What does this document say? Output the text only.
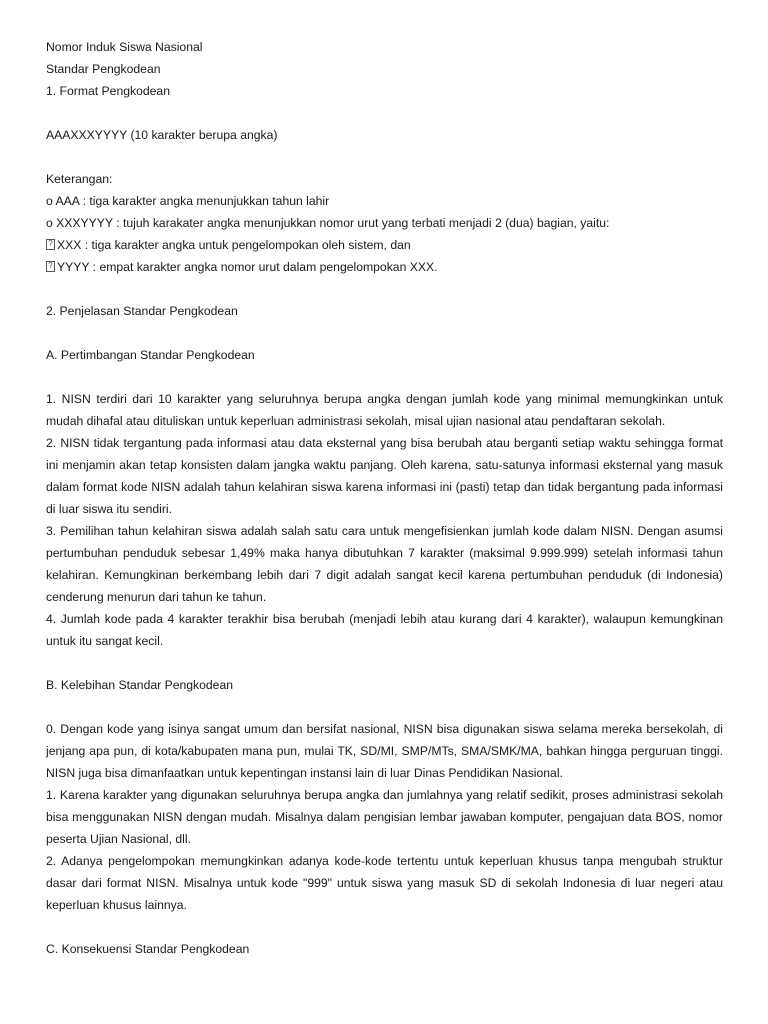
Nomor Induk Siswa Nasional
Standar Pengkodean
1. Format Pengkodean
AAAXXXYYYY (10 karakter berupa angka)
Keterangan:
o AAA : tiga karakter angka menunjukkan tahun lahir
o XXXYYYY : tujuh karakater angka menunjukkan nomor urut yang terbati menjadi 2 (dua) bagian, yaitu:
?XXX : tiga karakter angka untuk pengelompokan oleh sistem, dan
?YYYY : empat karakter angka nomor urut dalam pengelompokan XXX.
2. Penjelasan Standar Pengkodean
A. Pertimbangan Standar Pengkodean

1. NISN terdiri dari 10 karakter yang seluruhnya berupa angka dengan jumlah kode yang minimal memungkinkan untuk mudah dihafal atau dituliskan untuk keperluan administrasi sekolah, misal ujian nasional atau pendaftaran sekolah.

2. NISN tidak tergantung pada informasi atau data eksternal yang bisa berubah atau berganti setiap waktu sehingga format ini menjamin akan tetap konsisten dalam jangka waktu panjang. Oleh karena, satu-satunya informasi eksternal yang masuk dalam format kode NISN adalah tahun kelahiran siswa karena informasi ini (pasti) tetap dan tidak bergantung pada informasi di luar siswa itu sendiri.

3. Pemilihan tahun kelahiran siswa adalah salah satu cara untuk mengefisienkan jumlah kode dalam NISN. Dengan asumsi pertumbuhan penduduk sebesar 1,49% maka hanya dibutuhkan 7 karakter (maksimal 9.999.999) setelah informasi tahun kelahiran. Kemungkinan berkembang lebih dari 7 digit adalah sangat kecil karena pertumbuhan penduduk (di Indonesia) cenderung menurun dari tahun ke tahun.

4. Jumlah kode pada 4 karakter terakhir bisa berubah (menjadi lebih atau kurang dari 4 karakter), walaupun kemungkinan untuk itu sangat kecil.

B. Kelebihan Standar Pengkodean

0. Dengan kode yang isinya sangat umum dan bersifat nasional, NISN bisa digunakan siswa selama mereka bersekolah, di jenjang apa pun, di kota/kabupaten mana pun, mulai TK, SD/MI, SMP/MTs, SMA/SMK/MA, bahkan hingga perguruan tinggi. NISN juga bisa dimanfaatkan untuk kepentingan instansi lain di luar Dinas Pendidikan Nasional.

1. Karena karakter yang digunakan seluruhnya berupa angka dan jumlahnya yang relatif sedikit, proses administrasi sekolah bisa menggunakan NISN dengan mudah. Misalnya dalam pengisian lembar jawaban komputer, pengajuan data BOS, nomor peserta Ujian Nasional, dll.

2. Adanya pengelompokan memungkinkan adanya kode-kode tertentu untuk keperluan khusus tanpa mengubah struktur dasar dari format NISN. Misalnya untuk kode "999" untuk siswa yang masuk SD di sekolah Indonesia di luar negeri atau keperluan khusus lainnya.

C. Konsekuensi Standar Pengkodean
